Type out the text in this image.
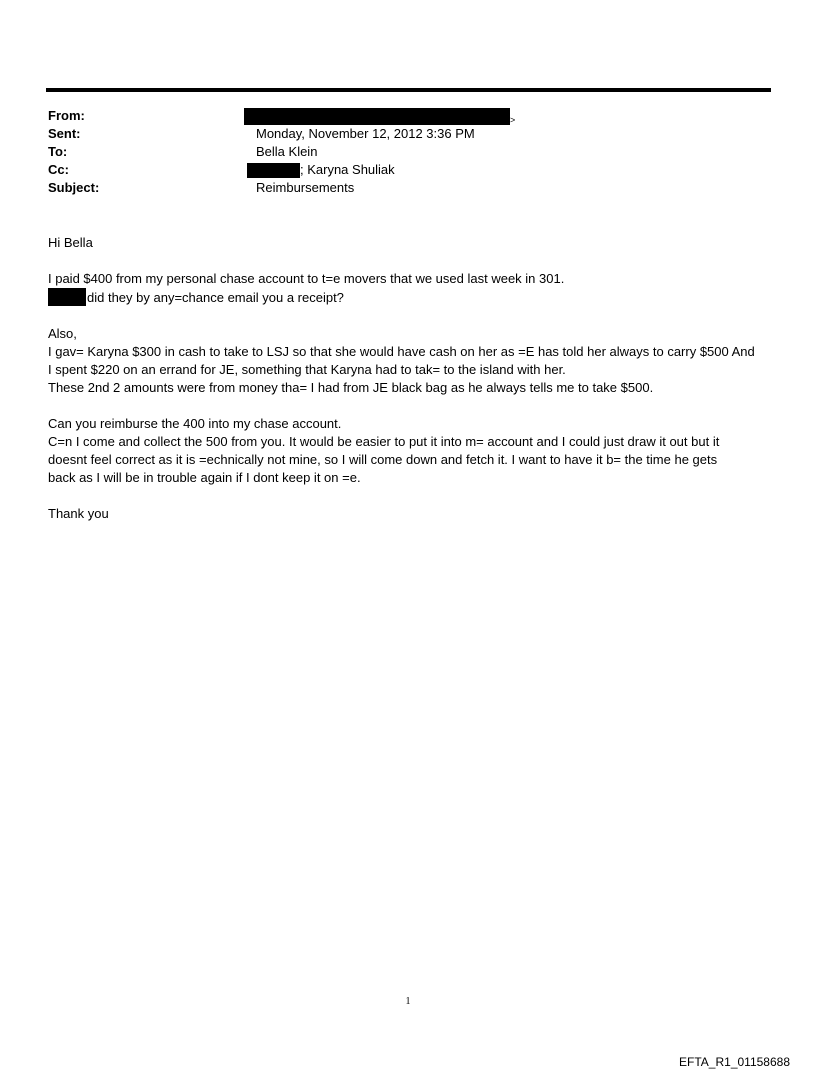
From:	$_>$
Sent:	Monday, November 12, 2012 3:36 PM
To:	Bella Klein
Cc:	; Karyna Shuliak
Subject:	Reimbursements

Hi Bella

I paid $400 from my personal chase account to t=e movers that we used last week in 301.

did they by any=chance email you a receipt?

Also,

I gav= Karyna $300 in cash to take to LSJ so that she would have cash on her as =E has told her always to carry $500 And

I spent $220 on an errand for JE, something that Karyna had to tak= to the island with her.

These 2nd 2 amounts were from money tha= I had from JE black bag as he always tells me to take $500.

Can you reimburse the 400 into my chase account.

C=n I come and collect the 500 from you. It would be easier to put it into m= account and I could just draw it out but it

doesnt feel correct as it is =echnically not mine, so I will come down and fetch it. I want to have it b= the time he gets

back as I will be in trouble again if I dont keep it on =e.

Thank you

1
EFTA_R1_01158688
